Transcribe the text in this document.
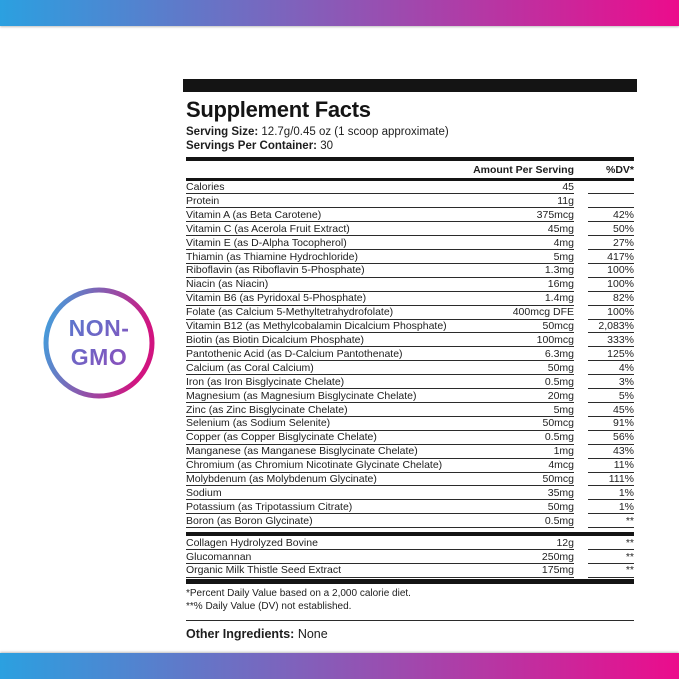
NON-
GMO
Supplement Facts
Serving Size: 12.7g/0.45 oz (1 scoop approximate)
Servings Per Container: 30
Amount Per Serving	%DV*
Calories	45
Protein	11g
Vitamin A (as Beta Carotene)	375mcg	42%
Vitamin C (as Acerola Fruit Extract)	45mg	50%
Vitamin E (as D-Alpha Tocopherol)	4mg	27%
Thiamin (as Thiamine Hydrochloride)	5mg	417%
Riboflavin (as Riboflavin 5-Phosphate)	1.3mg	100%
Niacin (as Niacin)	16mg	100%
Vitamin B6 (as Pyridoxal 5-Phosphate)	1.4mg	82%
Folate (as Calcium 5-Methyltetrahydrofolate)	400mcg DFE	100%
Vitamin B12 (as Methylcobalamin Dicalcium Phosphate)	50mcg	2,083%
Biotin (as Biotin Dicalcium Phosphate)	100mcg	333%
Pantothenic Acid (as D-Calcium Pantothenate)	6.3mg	125%
Calcium (as Coral Calcium)	50mg	4%
Iron (as Iron Bisglycinate Chelate)	0.5mg	3%
Magnesium (as Magnesium Bisglycinate Chelate)	20mg	5%
Zinc (as Zinc Bisglycinate Chelate)	5mg	45%
Selenium (as Sodium Selenite)	50mcg	91%
Copper (as Copper Bisglycinate Chelate)	0.5mg	56%
Manganese (as Manganese Bisglycinate Chelate)	1mg	43%
Chromium (as Chromium Nicotinate Glycinate Chelate)	4mcg	11%
Molybdenum (as Molybdenum Glycinate)	50mcg	111%
Sodium	35mg	1%
Potassium (as Tripotassium Citrate)	50mg	1%
Boron (as Boron Glycinate)	0.5mg	**
Collagen Hydrolyzed Bovine	12g	**
Glucomannan	250mg	**
Organic Milk Thistle Seed Extract	175mg	**
*Percent Daily Value based on a 2,000 calorie diet.
**% Daily Value (DV) not established.
Other Ingredients: None
